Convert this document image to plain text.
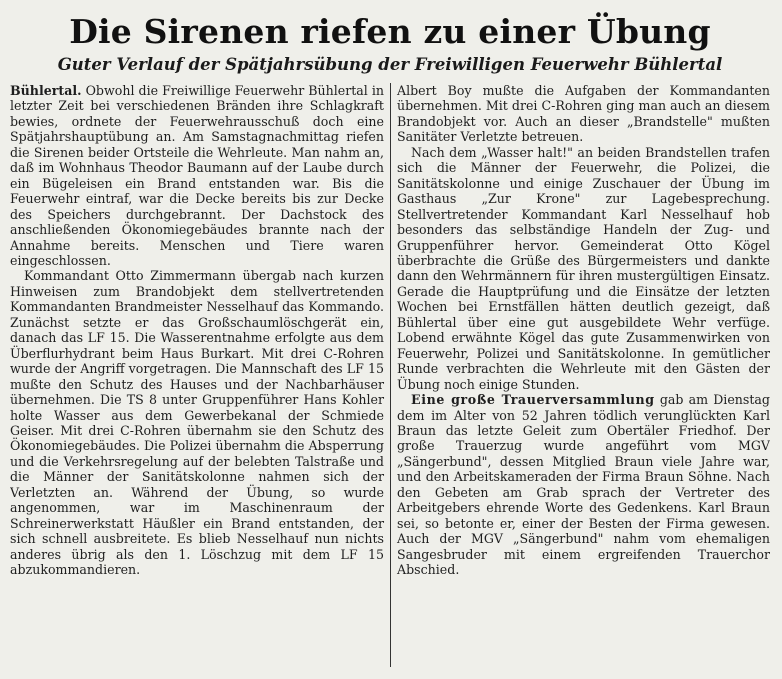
Die Sirenen riefen zu einer Übung
Guter Verlauf der Spätjahrsübung der Freiwilligen Feuerwehr Bühlertal

Bühlertal. Obwohl die Freiwillige Feuerwehr Bühlertal in letzter Zeit bei verschiedenen Bränden ihre Schlagkraft bewies, ordnete der Feuerwehrausschuß doch eine Spätjahrshauptübung an. Am Samstagnachmittag riefen die Sirenen beider Ortsteile die Wehrleute. Man nahm an, daß im Wohnhaus Theodor Baumann auf der Laube durch ein Bügeleisen ein Brand entstanden war. Bis die Feuerwehr eintraf, war die Decke bereits bis zur Decke des Speichers durchgebrannt. Der Dachstock des anschließenden Ökonomiegebäudes brannte nach der Annahme bereits. Menschen und Tiere waren eingeschlossen.

Kommandant Otto Zimmermann übergab nach kurzen Hinweisen zum Brandobjekt dem stellvertretenden Kommandanten Brandmeister Nesselhauf das Kommando. Zunächst setzte er das Großschaumlöschgerät ein, danach das LF 15. Die Wasserentnahme erfolgte aus dem Überflurhydrant beim Haus Burkart. Mit drei C-Rohren wurde der Angriff vorgetragen. Die Mannschaft des LF 15 mußte den Schutz des Hauses und der Nachbarhäuser übernehmen. Die TS 8 unter Gruppenführer Hans Kohler holte Wasser aus dem Gewerbekanal der Schmiede Geiser. Mit drei C-Rohren übernahm sie den Schutz des Ökonomiegebäudes. Die Polizei übernahm die Absperrung und die Verkehrsregelung auf der belebten Talstraße und die Männer der Sanitätskolonne nahmen sich der Verletzten an. Während der Übung, so wurde angenommen, war im Maschinenraum der Schreinerwerkstatt Häußler ein Brand entstanden, der sich schnell ausbreitete. Es blieb Nesselhauf nun nichts anderes übrig als den 1. Löschzug mit dem LF 15 abzukommandieren.

Albert Boy mußte die Aufgaben der Kommandanten übernehmen. Mit drei C-Rohren ging man auch an diesem Brandobjekt vor. Auch an dieser „Brandstelle" mußten Sanitäter Verletzte betreuen.

Nach dem „Wasser halt!" an beiden Brandstellen trafen sich die Männer der Feuerwehr, die Polizei, die Sanitätskolonne und einige Zuschauer der Übung im Gasthaus „Zur Krone" zur Lagebesprechung. Stellvertretender Kommandant Karl Nesselhauf hob besonders das selbständige Handeln der Zug- und Gruppenführer hervor. Gemeinderat Otto Kögel überbrachte die Grüße des Bürgermeisters und dankte dann den Wehrmännern für ihren mustergültigen Einsatz. Gerade die Hauptprüfung und die Einsätze der letzten Wochen bei Ernstfällen hätten deutlich gezeigt, daß Bühlertal über eine gut ausgebildete Wehr verfüge. Lobend erwähnte Kögel das gute Zusammenwirken von Feuerwehr, Polizei und Sanitätskolonne. In gemütlicher Runde verbrachten die Wehrleute mit den Gästen der Übung noch einige Stunden.

Eine große Trauerversammlung gab am Dienstag dem im Alter von 52 Jahren tödlich verunglückten Karl Braun das letzte Geleit zum Obertäler Friedhof. Der große Trauerzug wurde angeführt vom MGV „Sängerbund", dessen Mitglied Braun viele Jahre war, und den Arbeitskameraden der Firma Braun Söhne. Nach den Gebeten am Grab sprach der Vertreter des Arbeitgebers ehrende Worte des Gedenkens. Karl Braun sei, so betonte er, einer der Besten der Firma gewesen. Auch der MGV „Sängerbund" nahm vom ehemaligen Sangesbruder mit einem ergreifenden Trauerchor Abschied.
